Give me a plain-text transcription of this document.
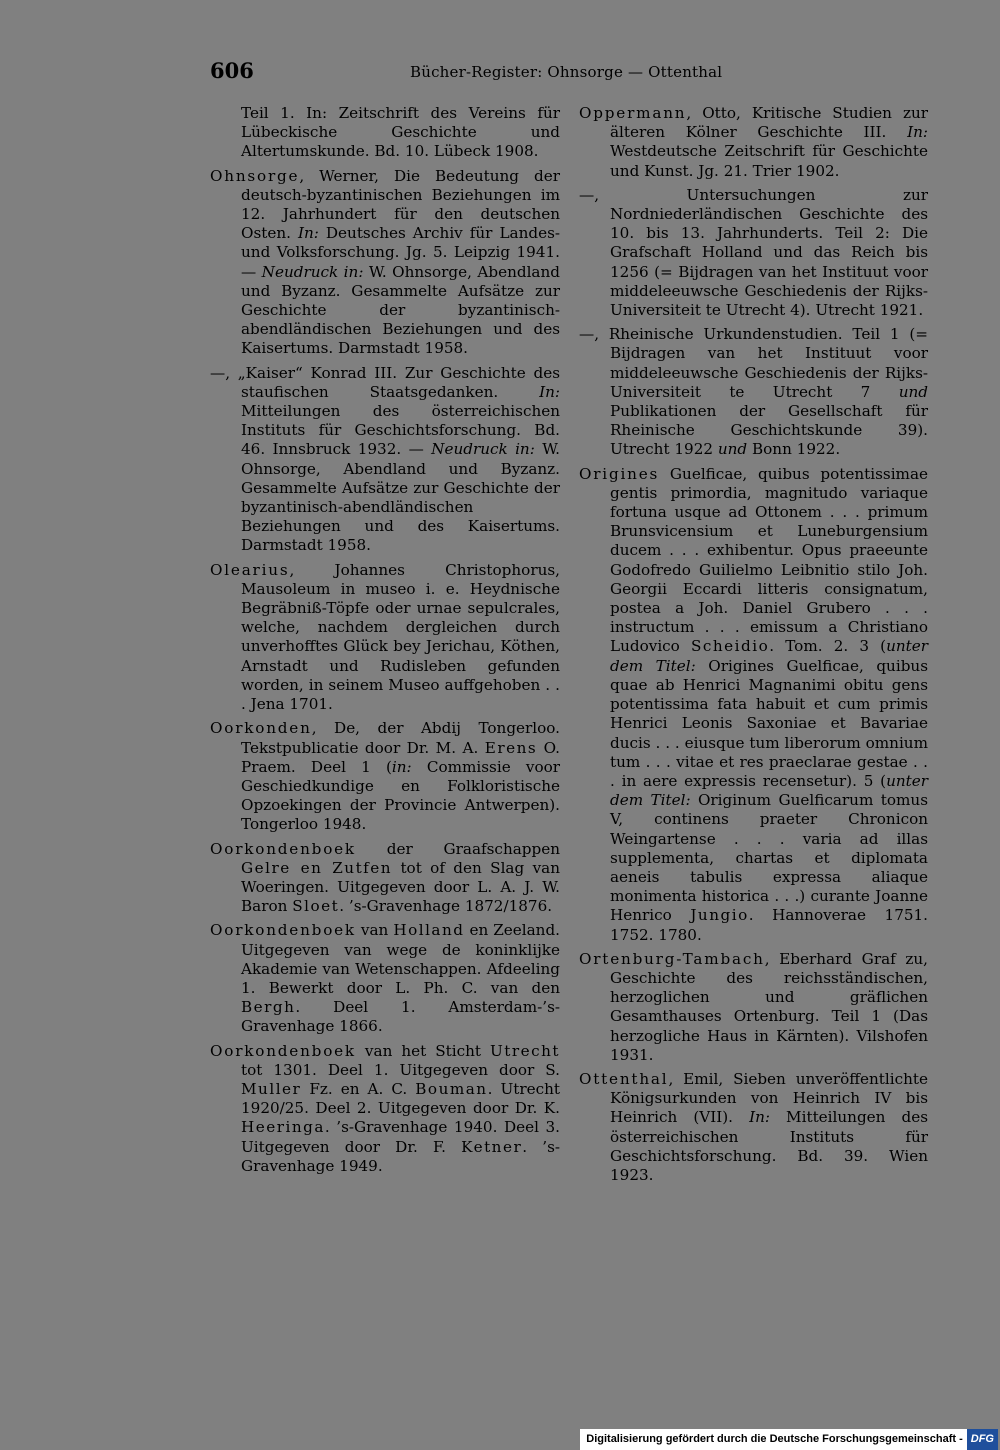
606	Bücher-Register: Ohnsorge — Ottenthal

Teil 1. In: Zeitschrift des Vereins für Lübeckische Geschichte und Altertumskunde. Bd. 10. Lübeck 1908.

Ohnsorge, Werner, Die Bedeutung der deutsch-byzantinischen Beziehungen im 12. Jahrhundert für den deutschen Osten. In: Deutsches Archiv für Landes- und Volksforschung. Jg. 5. Leipzig 1941. — Neudruck in: W. Ohnsorge, Abendland und Byzanz. Gesammelte Aufsätze zur Geschichte der byzantinisch-abendländischen Beziehungen und des Kaisertums. Darmstadt 1958.

—, „Kaiser“ Konrad III. Zur Geschichte des staufischen Staatsgedanken. In: Mitteilungen des österreichischen Instituts für Geschichtsforschung. Bd. 46. Innsbruck 1932. — Neudruck in: W. Ohnsorge, Abendland und Byzanz. Gesammelte Aufsätze zur Geschichte der byzantinisch-abendländischen Beziehungen und des Kaisertums. Darmstadt 1958.

Olearius, Johannes Christophorus, Mausoleum in museo i. e. Heydnische Begräbniß-Töpfe oder urnae sepulcrales, welche, nachdem dergleichen durch unverhofftes Glück bey Jerichau, Köthen, Arnstadt und Rudisleben gefunden worden, in seinem Museo auffgehoben . . . Jena 1701.

Oorkonden, De, der Abdij Tongerloo. Tekstpublicatie door Dr. M. A. Erens O. Praem. Deel 1 (in: Commissie voor Geschiedkundige en Folkloristische Opzoekingen der Provincie Antwerpen). Tongerloo 1948.

Oorkondenboek der Graafschappen Gelre en Zutfen tot of den Slag van Woeringen. Uitgegeven door L. A. J. W. Baron Sloet. ’s-Gravenhage 1872/1876.

Oorkondenboek van Holland en Zeeland. Uitgegeven van wege de koninklijke Akademie van Wetenschappen. Afdeeling 1. Bewerkt door L. Ph. C. van den Bergh. Deel 1. Amsterdam-’s-Gravenhage 1866.

Oorkondenboek van het Sticht Utrecht tot 1301. Deel 1. Uitgegeven door S. Muller Fz. en A. C. Bouman. Utrecht 1920/25. Deel 2. Uitgegeven door Dr. K. Heeringa. ’s-Gravenhage 1940. Deel 3. Uitgegeven door Dr. F. Ketner. ’s-Gravenhage 1949.

Oppermann, Otto, Kritische Studien zur älteren Kölner Geschichte III. In: Westdeutsche Zeitschrift für Geschichte und Kunst. Jg. 21. Trier 1902.

—, Untersuchungen zur Nordniederländischen Geschichte des 10. bis 13. Jahrhunderts. Teil 2: Die Grafschaft Holland und das Reich bis 1256 (= Bijdragen van het Instituut voor middeleeuwsche Geschiedenis der Rijks-Universiteit te Utrecht 4). Utrecht 1921.

—, Rheinische Urkundenstudien. Teil 1 (= Bijdragen van het Instituut voor middeleeuwsche Geschiedenis der Rijks-Universiteit te Utrecht 7 und Publikationen der Gesellschaft für Rheinische Geschichtskunde 39). Utrecht 1922 und Bonn 1922.

Origines Guelficae, quibus potentissimae gentis primordia, magnitudo variaque fortuna usque ad Ottonem . . . primum Brunsvicensium et Luneburgensium ducem . . . exhibentur. Opus praeeunte Godofredo Guilielmo Leibnitio stilo Joh. Georgii Eccardi litteris consignatum, postea a Joh. Daniel Grubero . . . instructum . . . emissum a Christiano Ludovico Scheidio. Tom. 2. 3 (unter dem Titel: Origines Guelficae, quibus quae ab Henrici Magnanimi obitu gens potentissima fata habuit et cum primis Henrici Leonis Saxoniae et Bavariae ducis . . . eiusque tum liberorum omnium tum . . . vitae et res praeclarae gestae . . . in aere expressis recensetur). 5 (unter dem Titel: Originum Guelficarum tomus V, continens praeter Chronicon Weingartense . . . varia ad illas supplementa, chartas et diplomata aeneis tabulis expressa aliaque monimenta historica . . .) curante Joanne Henrico Jungio. Hannoverae 1751. 1752. 1780.

Ortenburg-Tambach, Eberhard Graf zu, Geschichte des reichsständischen, herzoglichen und gräflichen Gesamthauses Ortenburg. Teil 1 (Das herzogliche Haus in Kärnten). Vilshofen 1931.

Ottenthal, Emil, Sieben unveröffentlichte Königsurkunden von Heinrich IV bis Heinrich (VII). In: Mitteilungen des österreichischen Instituts für Geschichtsforschung. Bd. 39. Wien 1923.

Digitalisierung gefördert durch die Deutsche Forschungsgemeinschaft - DFG
